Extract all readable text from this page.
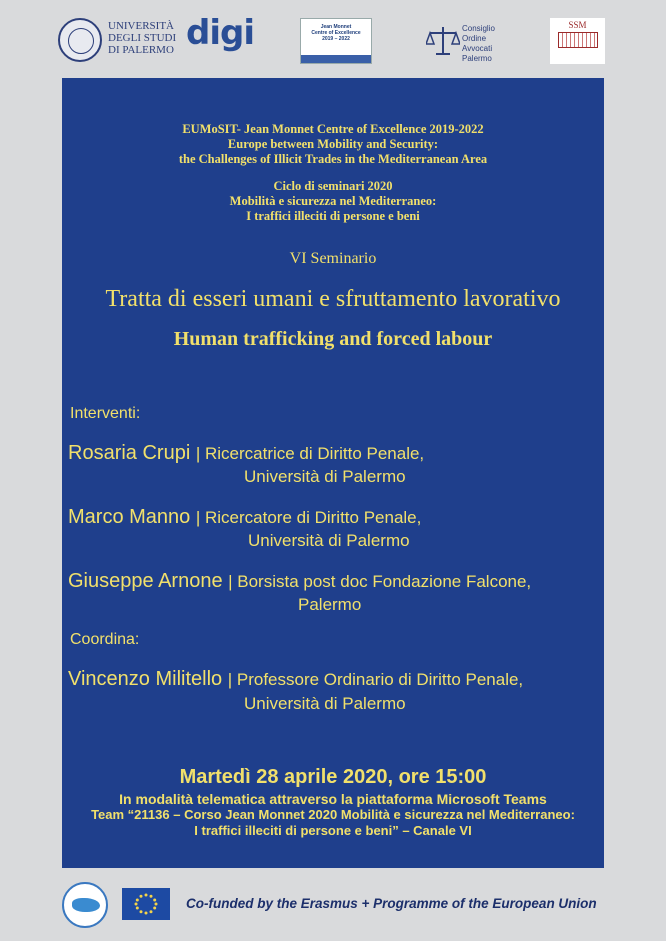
UNIVERSITÀ
DEGLI STUDI
DI PALERMO digi	Jean Monnet
Centre of Excellence
2019 – 2022
Consiglio
Ordine
Avvocati
Palermo
SSM
EUMoSIT- Jean Monnet Centre of Excellence 2019-2022
Europe between Mobility and Security:
the Challenges of Illicit Trades in the Mediterranean Area
Ciclo di seminari 2020
Mobilità e sicurezza nel Mediterraneo:
I traffici illeciti di persone e beni
VI Seminario
Tratta di esseri umani e sfruttamento lavorativo
Human trafficking and forced labour
Interventi:
Rosaria Crupi | Ricercatrice di Diritto Penale,
Università di Palermo
Marco Manno | Ricercatore di Diritto Penale,
Università di Palermo
Giuseppe Arnone | Borsista post doc Fondazione Falcone,
Palermo
Coordina:
Vincenzo Militello | Professore Ordinario di Diritto Penale,
Università di Palermo
Martedì 28 aprile 2020, ore 15:00
In modalità telematica attraverso la piattaforma Microsoft Teams
Team “21136 – Corso Jean Monnet 2020 Mobilità e sicurezza nel Mediterraneo:
I traffici illeciti di persone e beni” – Canale VI
Co-funded by the Erasmus + Programme of the European Union
